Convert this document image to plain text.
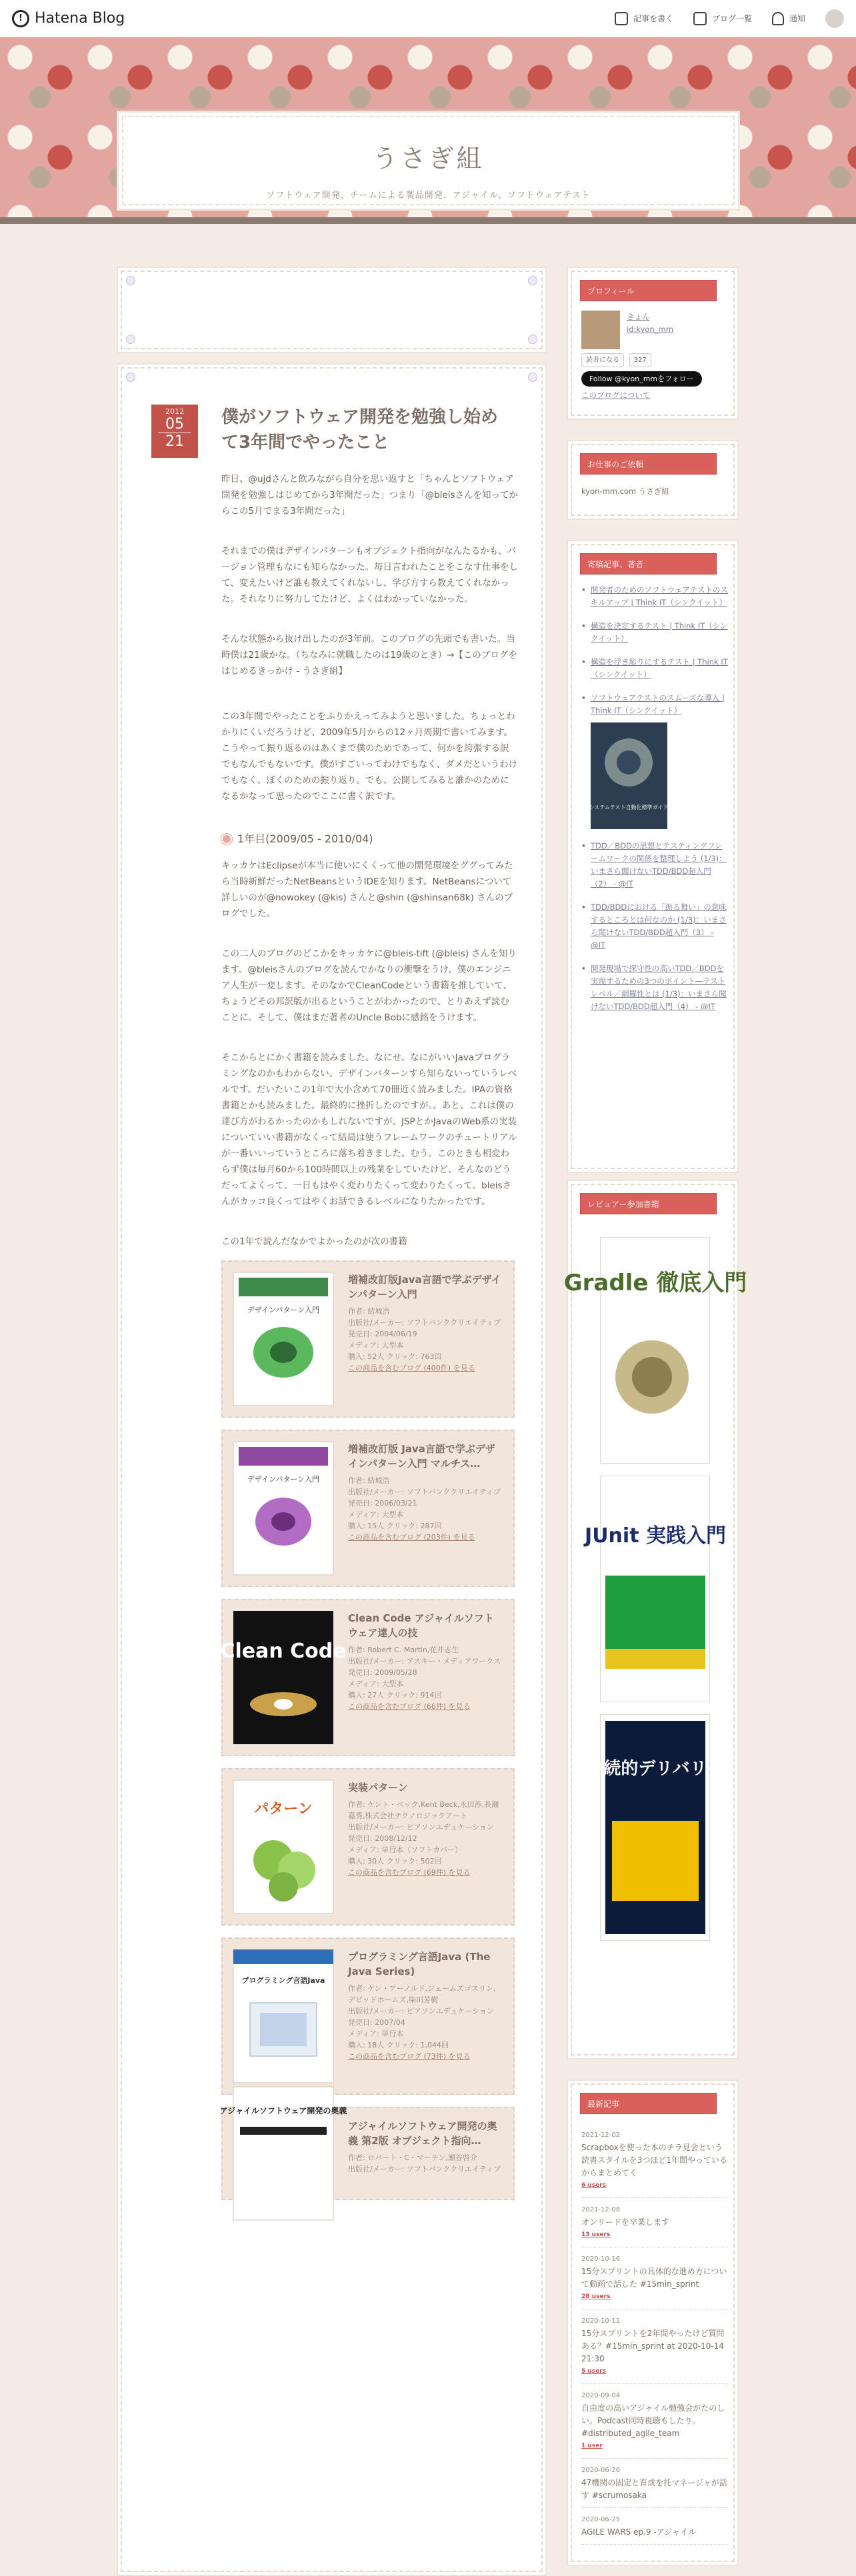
! Hatena Blog	記事を書く	ブログ一覧	通知
うさぎ組
ソフトウェア開発、チームによる製品開発、アジャイル、ソフトウェアテスト
2012
05
21
僕がソフトウェア開発を勉強し始めて3年間でやったこと

昨日、@ujdさんと飲みながら自分を思い返すと「ちゃんとソフトウェア開発を勉強しはじめてから3年間だった」つまり「@bleisさんを知ってからこの5月でまる3年間だった」

それまでの僕はデザインパターンもオブジェクト指向がなんたるかも、バージョン管理もなにも知らなかった。毎日言われたことをこなす仕事をして、変えたいけど誰も教えてくれないし、学び方すら教えてくれなかった。それなりに努力してたけど、よくはわかっていなかった。

そんな状態から抜け出したのが3年前。このブログの先頭でも書いた。当時僕は21歳かな。（ちなみに就職したのは19歳のとき）→【このブログをはじめるきっかけ - うさぎ組】

この3年間でやったことをふりかえってみようと思いました。ちょっとわかりにくいだろうけど、2009年5月からの12ヶ月周期で書いてみます。こうやって振り返るのはあくまで僕のためであって、何かを誇張する訳でもなんでもないです。僕がすごいってわけでもなく、ダメだというわけでもなく、ぼくのための振り返り。でも、公開してみると誰かのためになるかなって思ったのでここに書く訳です。

1年目(2009/05 - 2010/04)

キッカケはEclipseが本当に使いにくくって他の開発環境をググってみたら当時新鮮だったNetBeansというIDEを知ります。NetBeansについて詳しいのが@nowokey (@kis) さんと@shin (@shinsan68k) さんのブログでした。

この二人のブログのどこかをキッカケに@bleis-tift (@bleis) さんを知ります。@bleisさんのブログを読んでかなりの衝撃をうけ、僕のエンジニア人生が一変します。そのなかでCleanCodeという書籍を推していて、ちょうどその邦訳版が出るということがわかったので、とりあえず読むことに。そして、僕はまだ著者のUncle Bobに感銘をうけます。

そこからとにかく書籍を読みました。なにせ、なにがいいJavaプログラミングなのかもわからない。デザインパターンすら知らないっていうレベルです。だいたいこの1年で大小含めて70冊近く読みました。IPAの資格書籍とかも読みました。最終的に挫折したのですが。。あと、これは僕の達び方がわるかったのかもしれないですが、JSPとかJavaのWeb系の実装についていい書籍がなくって結局は使うフレームワークのチュートリアルが一番いいっていうところに落ち着きました。むう。このときも相変わらず僕は毎月60から100時間以上の残業をしていたけど、そんなのどうだってよくって、一日もはやく変わりたくって変わりたくって。bleisさんがカッコ良くってはやくお話できるレベルになりたかったです。

この1年で読んだなかでよかったのが次の書籍

デザインパターン入門
増補改訂版Java言語で学ぶデザインパターン入門
作者: 結城浩
出版社/メーカー: ソフトバンククリエイティブ
発売日: 2004/06/19
メディア: 大型本
購入: 52人 クリック: 763回
この商品を含むブログ (400件) を見る
デザインパターン入門
増補改訂版 Java言語で学ぶデザインパターン入門 マルチス…
作者: 結城浩
出版社/メーカー: ソフトバンククリエイティブ
発売日: 2006/03/21
メディア: 大型本
購入: 15人 クリック: 287回
この商品を含むブログ (203件) を見る
Clean Code
Clean Code アジャイルソフトウェア達人の技
作者: Robert C. Martin,花井志生
出版社/メーカー: アスキー・メディアワークス
発売日: 2009/05/28
メディア: 大型本
購入: 27人 クリック: 914回
この商品を含むブログ (66件) を見る
パターン
実装パターン
作者: ケント・ベック,Kent Beck,永田渉,長瀬嘉秀,株式会社テクノロジックアート
出版社/メーカー: ピアソンエデュケーション
発売日: 2008/12/12
メディア: 単行本（ソフトカバー）
購入: 30人 クリック: 502回
この商品を含むブログ (69件) を見る
プログラミング言語Java
プログラミング言語Java (The Java Series)
作者: ケン・アーノルド,ジェームズゴスリン,デビッドホームズ,柴田芳樹
出版社/メーカー: ピアソンエデュケーション
発売日: 2007/04
メディア: 単行本
購入: 18人 クリック: 1,044回
この商品を含むブログ (73件) を見る
アジャイルソフトウェア開発の奥義
アジャイルソフトウェア開発の奥義 第2版 オブジェクト指向…
作者: ロバート・C・マーチン,瀬谷啓介
出版社/メーカー: ソフトバンククリエイティブ
プロフィール
きょん
id:kyon_mm
読者になる 327
Follow @kyon_mmをフォロー
このブログについて
お仕事のご依頼
kyon-mm.com うさぎ組
寄稿記事、著者
• 開発者のためのソフトウェアテストのスキルアップ | Think IT（シンクイット）
• 構造を決定するテスト | Think IT（シンクイット）
• 構造を浮き彫りにするテスト | Think IT（シンクイット）
• ソフトウェアテストのスムーズな導入 | Think IT（シンクイット）
システムテスト自動化標準ガイド
• TDD／BDDの思想とテスティングフレームワークの関係を整理しよう (1/3)：いまさら聞けないTDD/BDD超入門（2） - @IT
• TDD/BDDにおける「振る舞い」の意味するところとは何なのか (1/3)：いまさら聞けないTDD/BDD超入門（3） - @IT
• 開発現場で探守性の高いTDD／BDDを実現するための3つのポイント―テストレベル／網羅性とは (1/3)：いまさら聞けないTDD/BDD超入門（4） - @IT
レビュアー参加書籍
Gradle 徹底入門
JUnit 実践入門
継続的デリバリー
最新記事
2021-12-02
Scrapboxを使った本のチラ見会という読書スタイルを3つほど1年間やっているからまとめてく
6 users
2021-12-08
オンリードを卒業します
13 users
2020-10-16
15分スプリントの具体的な進め方について動画で話した #15min_sprint
28 users
2020-10-11
15分スプリントを2年間やったけど質問ある？#15min_sprint at 2020-10-14 21:30
5 users
2020-09-04
自由度の高いアジャイル勉強会がたのしい。Podcast同時視聴もしたり。#distributed_agile_team
1 user
2020-06-26
47機関の固定と育成を托マネージャが話す #scrumosaka
2020-06-25
AGILE WARS ep.9 -アジャイル
